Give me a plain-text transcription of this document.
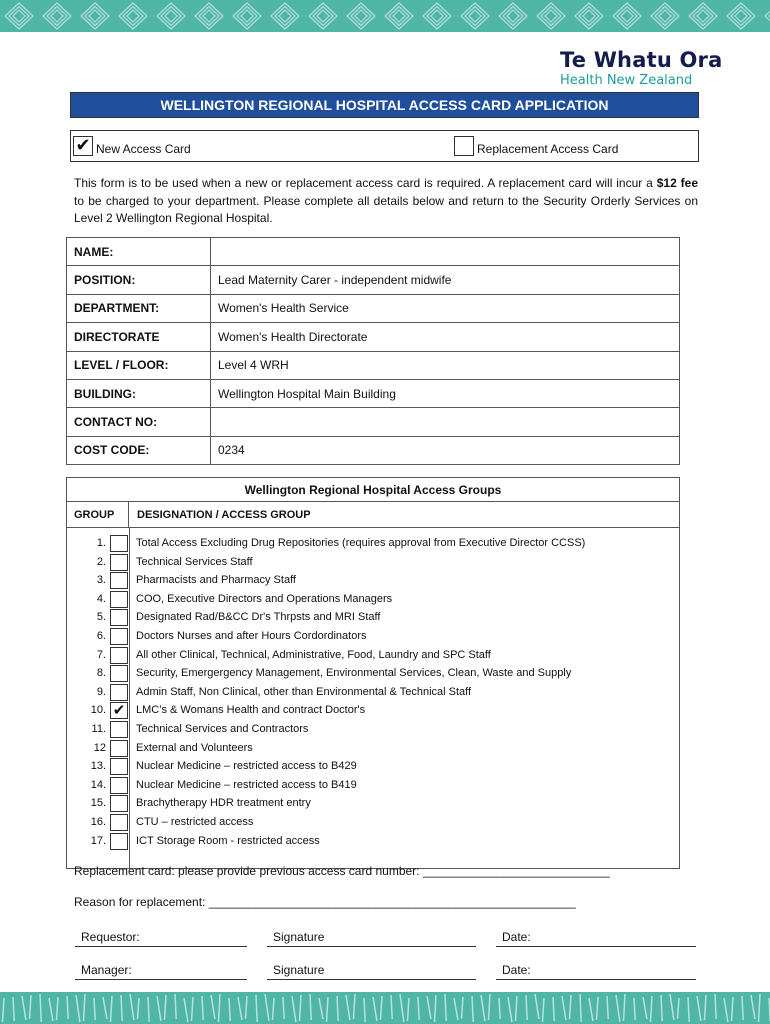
Te Whatu Ora
Health New Zealand
WELLINGTON REGIONAL HOSPITAL ACCESS CARD APPLICATION
✔ New Access Card	Replacement Access Card
This form is to be used when a new or replacement access card is required. A replacement card will incur a $12 fee to be charged to your department. Please complete all details below and return to the Security Orderly Services on Level 2 Wellington Regional Hospital.
NAME:	
POSITION:	Lead Maternity Carer - independent midwife
DEPARTMENT:	Women's Health Service
DIRECTORATE	Women's Health Directorate
LEVEL / FLOOR:	Level 4 WRH
BUILDING:	Wellington Hospital Main Building
CONTACT NO:	
COST CODE:	0234
Wellington Regional Hospital Access Groups
GROUP	DESIGNATION / ACCESS GROUP
1.	Total Access Excluding Drug Repositories (requires approval from Executive Director CCSS)
2.	Technical Services Staff
3.	Pharmacists and Pharmacy Staff
4.	COO, Executive Directors and Operations Managers
5.	Designated Rad/B&CC Dr's Thrpsts and MRI Staff
6.	Doctors Nurses and after Hours Cordordinators
7.	All other Clinical, Technical, Administrative, Food, Laundry and SPC Staff
8.	Security, Emergergency Management, Environmental Services, Clean, Waste and Supply
9.	Admin Staff, Non Clinical, other than Environmental & Technical Staff
10. ✔ LMC’s & Womans Health and contract Doctor's
11.	Technical Services and Contractors
12	External and Volunteers
13.	Nuclear Medicine – restricted access to B429
14.	Nuclear Medicine – restricted access to B419
15.	Brachytherapy HDR treatment entry
16.	CTU – restricted access
17.	ICT Storage Room - restricted access
Replacement card: please provide previous access card number: ____________________________
Reason for replacement: _______________________________________________________
Requestor:	Signature	Date:
Manager:	Signature	Date:
